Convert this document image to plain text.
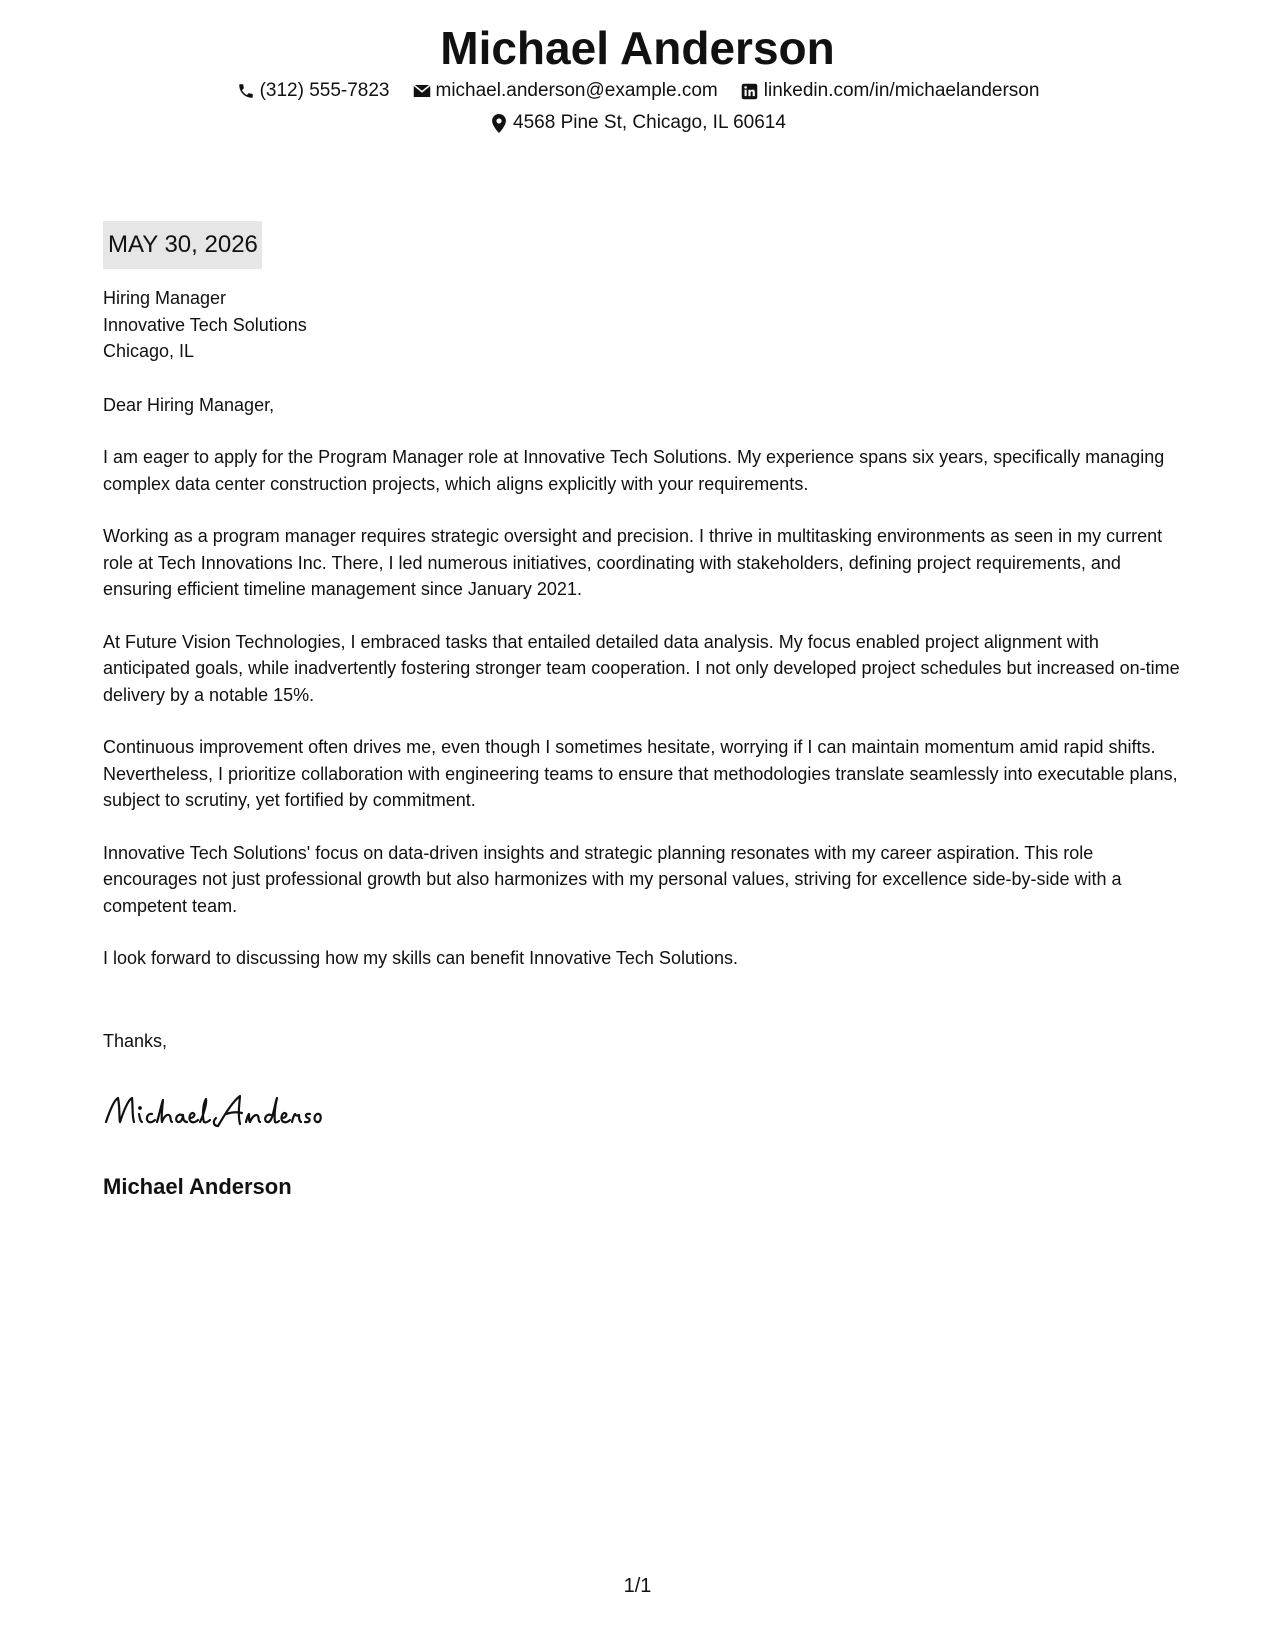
Michael Anderson
(312) 555-7823 michael.anderson@example.com linkedin.com/in/michaelanderson
4568 Pine St, Chicago, IL 60614
MAY 30, 2026

Hiring Manager

Innovative Tech Solutions

Chicago, IL

Dear Hiring Manager,

I am eager to apply for the Program Manager role at Innovative Tech Solutions. My experience spans six years, specifically managing complex data center construction projects, which aligns explicitly with your requirements.

Working as a program manager requires strategic oversight and precision. I thrive in multitasking environments as seen in my current role at Tech Innovations Inc. There, I led numerous initiatives, coordinating with stakeholders, defining project requirements, and ensuring efficient timeline management since January 2021.

At Future Vision Technologies, I embraced tasks that entailed detailed data analysis. My focus enabled project alignment with anticipated goals, while inadvertently fostering stronger team cooperation. I not only developed project schedules but increased on-time delivery by a notable 15%.

Continuous improvement often drives me, even though I sometimes hesitate, worrying if I can maintain momentum amid rapid shifts. Nevertheless, I prioritize collaboration with engineering teams to ensure that methodologies translate seamlessly into executable plans, subject to scrutiny, yet fortified by commitment.

Innovative Tech Solutions' focus on data-driven insights and strategic planning resonates with my career aspiration. This role encourages not just professional growth but also harmonizes with my personal values, striving for excellence side-by-side with a competent team.

I look forward to discussing how my skills can benefit Innovative Tech Solutions.

Thanks,
Michael Anderson
1/1
